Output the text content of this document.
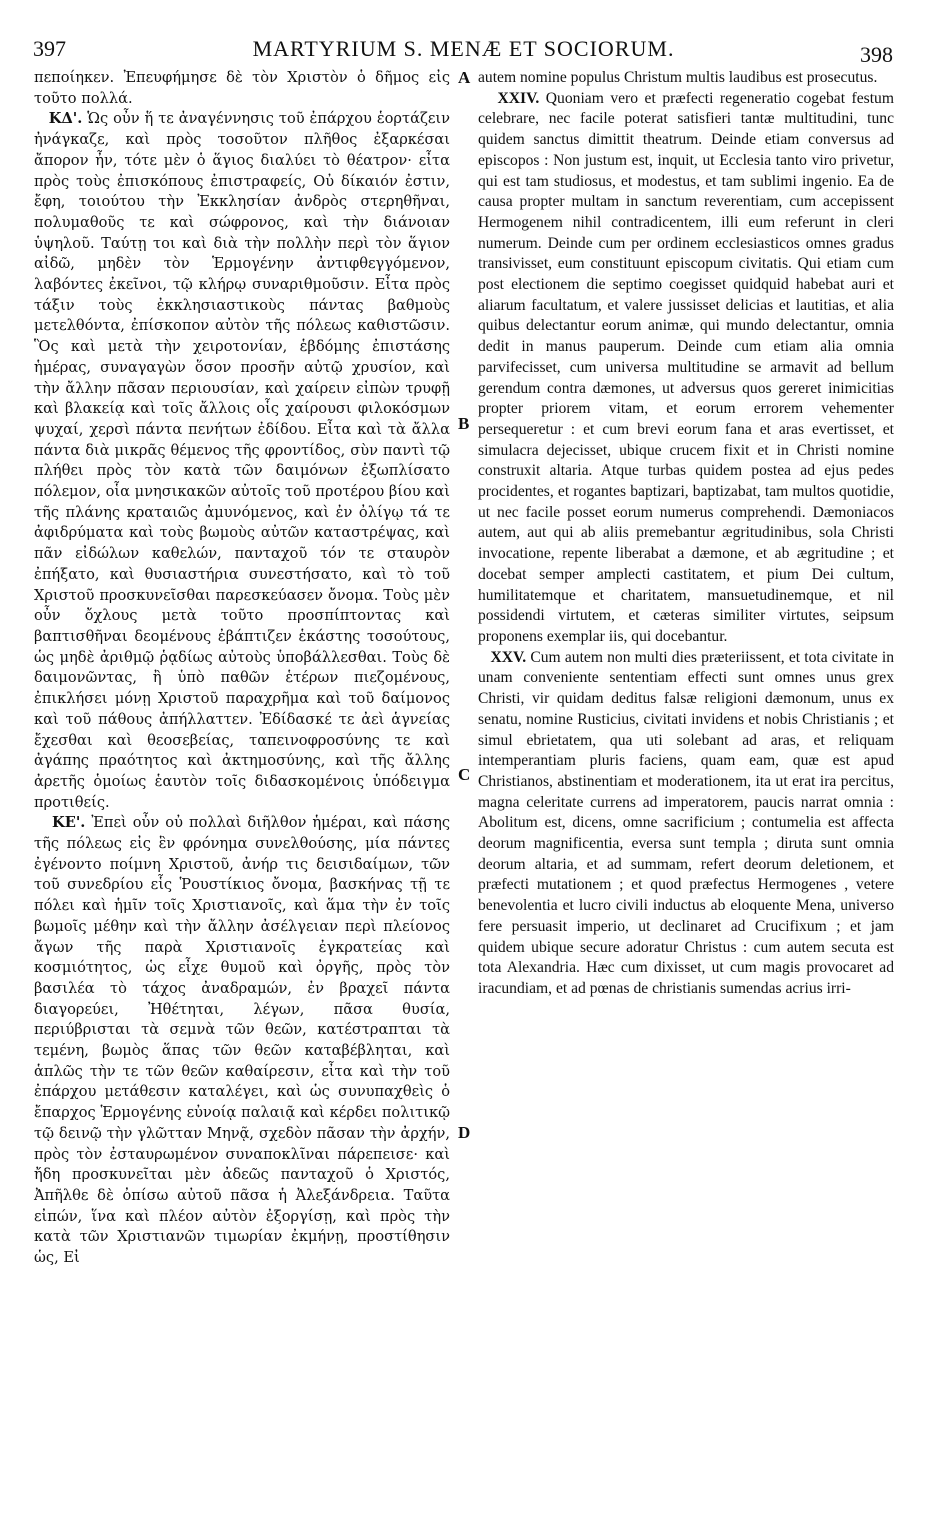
397	MARTYRIUM S. MENÆ ET SOCIORUM.	398

πεποίηκεν. Ἐπευφήμησε δὲ τὸν Χριστὸν ὁ δῆμος εἰς τοῦτο πολλά.

ΚΔ'. Ὡς οὖν ἥ τε ἀναγέννησις τοῦ ἐπάρχου ἑορτάζειν ἠνάγκαζε, καὶ πρὸς τοσοῦτον πλῆθος ἐξαρκέσαι ἄπορον ἦν, τότε μὲν ὁ ἅγιος διαλύει τὸ θέατρον· εἶτα πρὸς τοὺς ἐπισκόπους ἐπιστραφείς, Οὐ δίκαιόν ἐστιν, ἔφη, τοιούτου τὴν Ἐκκλησίαν ἀνδρὸς στερηθῆναι, πολυμαθοῦς τε καὶ σώφρονος, καὶ τὴν διάνοιαν ὑψηλοῦ. Ταύτῃ τοι καὶ διὰ τὴν πολλὴν περὶ τὸν ἅγιον αἰδῶ, μηδὲν τὸν Ἑρμογένην ἀντιφθεγγόμενον, λαβόντες ἐκεῖνοι, τῷ κλήρῳ συναριθμοῦσιν. Εἶτα πρὸς τάξιν τοὺς ἐκκλησιαστικοὺς πάντας βαθμοὺς μετελθόντα, ἐπίσκοπον αὐτὸν τῆς πόλεως καθιστῶσιν. Ὃς καὶ μετὰ τὴν χειροτονίαν, ἑβδόμης ἐπιστάσης ἡμέρας, συναγαγὼν ὅσον προσῆν αὐτῷ χρυσίον, καὶ τὴν ἄλλην πᾶσαν περιουσίαν, καὶ χαίρειν εἰπὼν τρυφῇ καὶ βλακείᾳ καὶ τοῖς ἄλλοις οἷς χαίρουσι φιλοκόσμων ψυχαί, χερσὶ πάντα πενήτων ἐδίδου. Εἶτα καὶ τὰ ἄλλα πάντα διὰ μικρᾶς θέμενος τῆς φροντίδος, σὺν παντὶ τῷ πλήθει πρὸς τὸν κατὰ τῶν δαιμόνων ἐξωπλίσατο πόλεμον, οἷα μνησικακῶν αὐτοῖς τοῦ προτέρου βίου καὶ τῆς πλάνης κραταιῶς ἀμυνόμενος, καὶ ἐν ὀλίγῳ τά τε ἀφιδρύματα καὶ τοὺς βωμοὺς αὐτῶν καταστρέψας, καὶ πᾶν εἰδώλων καθελών, πανταχοῦ τόν τε σταυρὸν ἐπήξατο, καὶ θυσιαστήρια συνεστήσατο, καὶ τὸ τοῦ Χριστοῦ προσκυνεῖσθαι παρεσκεύασεν ὄνομα. Τοὺς μὲν οὖν ὄχλους μετὰ τοῦτο προσπίπτοντας καὶ βαπτισθῆναι δεομένους ἐβάπτιζεν ἑκάστης τοσούτους, ὡς μηδὲ ἀριθμῷ ῥᾳδίως αὐτοὺς ὑποβάλλεσθαι. Τοὺς δὲ δαιμονῶντας, ἢ ὑπὸ παθῶν ἑτέρων πιεζομένους, ἐπικλήσει μόνῃ Χριστοῦ παραχρῆμα καὶ τοῦ δαίμονος καὶ τοῦ πάθους ἀπήλλαττεν. Ἐδίδασκέ τε ἀεὶ ἁγνείας ἔχεσθαι καὶ θεοσεβείας, ταπεινοφροσύνης τε καὶ ἀγάπης πραότητος καὶ ἀκτημοσύνης, καὶ τῆς ἄλλης ἀρετῆς ὁμοίως ἑαυτὸν τοῖς διδασκομένοις ὑπόδειγμα προτιθείς.

ΚΕ'. Ἐπεὶ οὖν οὐ πολλαὶ διῆλθον ἡμέραι, καὶ πάσης τῆς πόλεως εἰς ἓν φρόνημα συνελθούσης, μία πάντες ἐγένοντο ποίμνη Χριστοῦ, ἀνήρ τις δεισιδαίμων, τῶν τοῦ συνεδρίου εἷς Ῥουστίκιος ὄνομα, βασκήνας τῇ τε πόλει καὶ ἡμῖν τοῖς Χριστιανοῖς, καὶ ἅμα τὴν ἐν τοῖς βωμοῖς μέθην καὶ τὴν ἄλλην ἀσέλγειαν περὶ πλείονος ἄγων τῆς παρὰ Χριστιανοῖς ἐγκρατείας καὶ κοσμιότητος, ὡς εἶχε θυμοῦ καὶ ὀργῆς, πρὸς τὸν βασιλέα τὸ τάχος ἀναδραμών, ἐν βραχεῖ πάντα διαγορεύει, Ἠθέτηται, λέγων, πᾶσα θυσία, περιύβρισται τὰ σεμνὰ τῶν θεῶν, κατέστραπται τὰ τεμένη, βωμὸς ἅπας τῶν θεῶν καταβέβληται, καὶ ἁπλῶς τὴν τε τῶν θεῶν καθαίρεσιν, εἶτα καὶ τὴν τοῦ ἐπάρχου μετάθεσιν καταλέγει, καὶ ὡς συνυπαχθεὶς ὁ ἔπαρχος Ἑρμογένης εὐνοίᾳ παλαιᾷ καὶ κέρδει πολιτικῷ τῷ δεινῷ τὴν γλῶτταν Μηνᾷ, σχεδὸν πᾶσαν τὴν ἀρχήν, πρὸς τὸν ἐσταυρωμένον συναποκλῖναι πάρεπεισε· καὶ ἤδη προσκυνεῖται μὲν ἀδεῶς πανταχοῦ ὁ Χριστός, Ἀπῆλθε δὲ ὀπίσω αὐτοῦ πᾶσα ἡ Ἀλεξάνδρεια. Ταῦτα εἰπών, ἵνα καὶ πλέον αὐτὸν ἐξοργίσῃ, καὶ πρὸς τὴν κατὰ τῶν Χριστιανῶν τιμωρίαν ἐκμήνῃ, προστίθησιν ὡς, Εἰ

autem nomine populus Christum multis laudibus est prosecutus.

XXIV. Quoniam vero et præfecti regeneratio cogebat festum celebrare, nec facile poterat satisfieri tantæ multitudini, tunc quidem sanctus dimittit theatrum. Deinde etiam conversus ad episcopos : Non justum est, inquit, ut Ecclesia tanto viro privetur, qui est tam studiosus, et modestus, et tam sublimi ingenio. Ea de causa propter multam in sanctum reverentiam, cum accepissent Hermogenem nihil contradicentem, illi eum referunt in cleri numerum. Deinde cum per ordinem ecclesiasticos omnes gradus transivisset, eum constituunt episcopum civitatis. Qui etiam cum post electionem die septimo coegisset quidquid habebat auri et aliarum facultatum, et valere jussisset delicias et lautitias, et alia quibus delectantur eorum animæ, qui mundo delectantur, omnia dedit in manus pauperum. Deinde cum etiam alia omnia parvifecisset, cum universa multitudine se armavit ad bellum gerendum contra dæmones, ut adversus quos gereret inimicitias propter priorem vitam, et eorum errorem vehementer persequeretur : et cum brevi eorum fana et aras evertisset, et simulacra dejecisset, ubique crucem fixit et in Christi nomine construxit altaria. Atque turbas quidem postea ad ejus pedes procidentes, et rogantes baptizari, baptizabat, tam multos quotidie, ut nec facile posset eorum numerus comprehendi. Dæmoniacos autem, aut qui ab aliis premebantur ægritudinibus, sola Christi invocatione, repente liberabat a dæmone, et ab ægritudine ; et docebat semper amplecti castitatem, et pium Dei cultum, humilitatemque et charitatem, mansuetudinemque, et nil possidendi virtutem, et cæteras similiter virtutes, seipsum proponens exemplar iis, qui docebantur.

XXV. Cum autem non multi dies præteriissent, et tota civitate in unam conveniente sententiam effecti sunt omnes unus grex Christi, vir quidam deditus falsæ religioni dæmonum, unus ex senatu, nomine Rusticius, civitati invidens et nobis Christianis ; et simul ebrietatem, qua uti solebant ad aras, et reliquam intemperantiam pluris faciens, quam eam, quæ est apud Christianos, abstinentiam et moderationem, ita ut erat ira percitus, magna celeritate currens ad imperatorem, paucis narrat omnia : Abolitum est, dicens, omne sacrificium ; contumelia est affecta deorum magnificentia, eversa sunt templa ; diruta sunt omnia deorum altaria, et ad summam, refert deorum deletionem, et præfecti mutationem ; et quod præfectus Hermogenes , vetere benevolentia et lucro civili inductus ab eloquente Mena, universo fere persuasit imperio, ut declinaret ad Crucifixum ; et jam quidem ubique secure adoratur Christus : cum autem secuta est tota Alexandria. Hæc cum dixisset, ut cum magis provocaret ad iracundiam, et ad pœnas de christianis sumendas acrius irri-

A
B
C
D
